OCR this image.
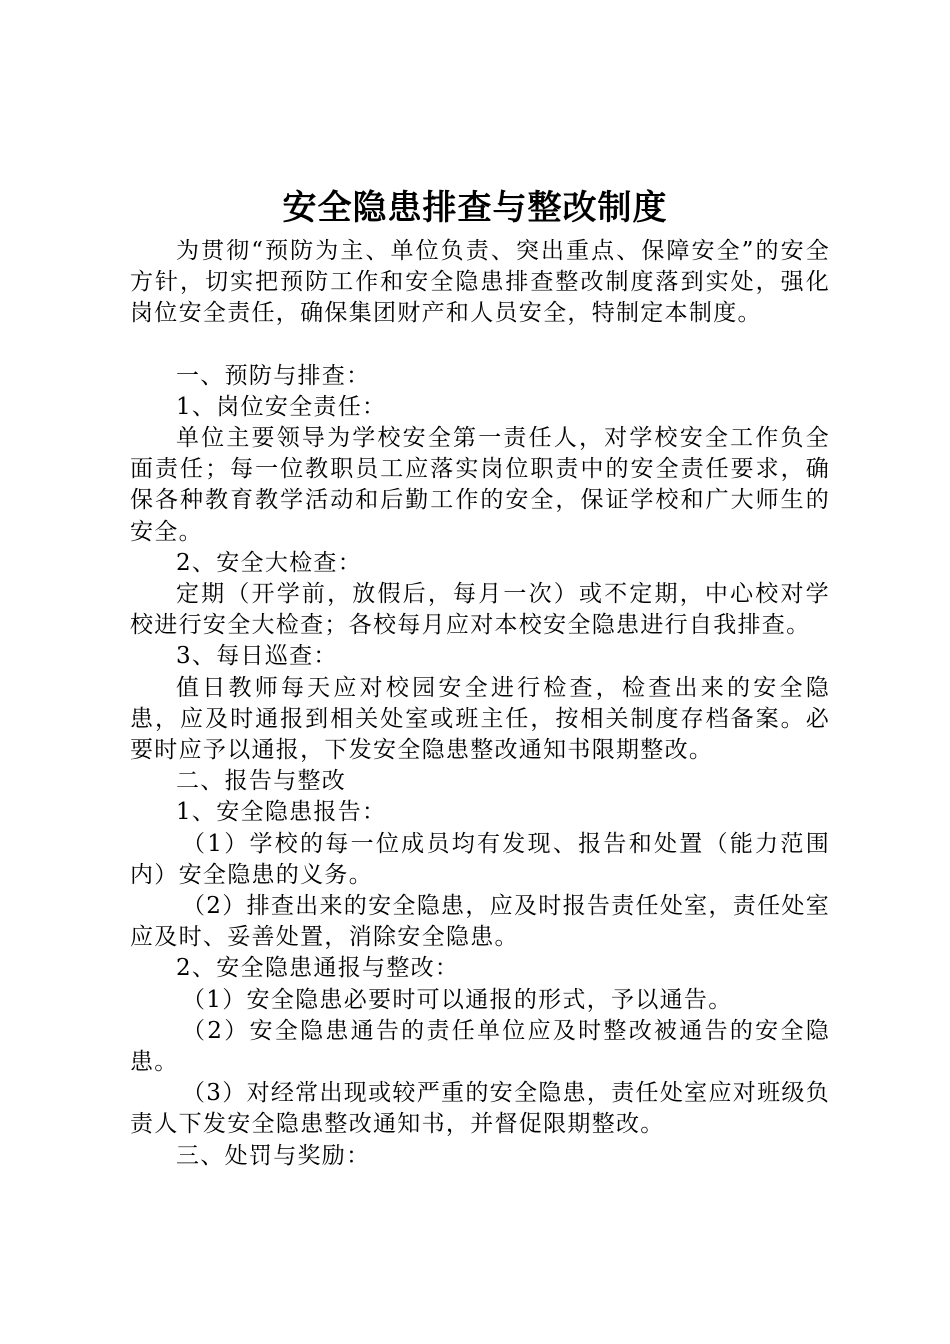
安全隐患排查与整改制度

为贯彻“预防为主、单位负责、突出重点、保障安全”的安全方针，切实把预防工作和安全隐患排查整改制度落到实处，强化岗位安全责任，确保集团财产和人员安全，特制定本制度。

一、预防与排查：

1、岗位安全责任：

单位主要领导为学校安全第一责任人，对学校安全工作负全面责任；每一位教职员工应落实岗位职责中的安全责任要求，确保各种教育教学活动和后勤工作的安全，保证学校和广大师生的安全。

2、安全大检查：

定期（开学前，放假后，每月一次）或不定期，中心校对学校进行安全大检查；各校每月应对本校安全隐患进行自我排查。

3、每日巡查：

值日教师每天应对校园安全进行检查，检查出来的安全隐患，应及时通报到相关处室或班主任，按相关制度存档备案。必要时应予以通报，下发安全隐患整改通知书限期整改。

二、报告与整改

1、安全隐患报告：

（1）学校的每一位成员均有发现、报告和处置（能力范围内）安全隐患的义务。

（2）排查出来的安全隐患，应及时报告责任处室，责任处室应及时、妥善处置，消除安全隐患。

2、安全隐患通报与整改：

（1）安全隐患必要时可以通报的形式，予以通告。

（2）安全隐患通告的责任单位应及时整改被通告的安全隐患。

（3）对经常出现或较严重的安全隐患，责任处室应对班级负责人下发安全隐患整改通知书，并督促限期整改。

三、处罚与奖励：
